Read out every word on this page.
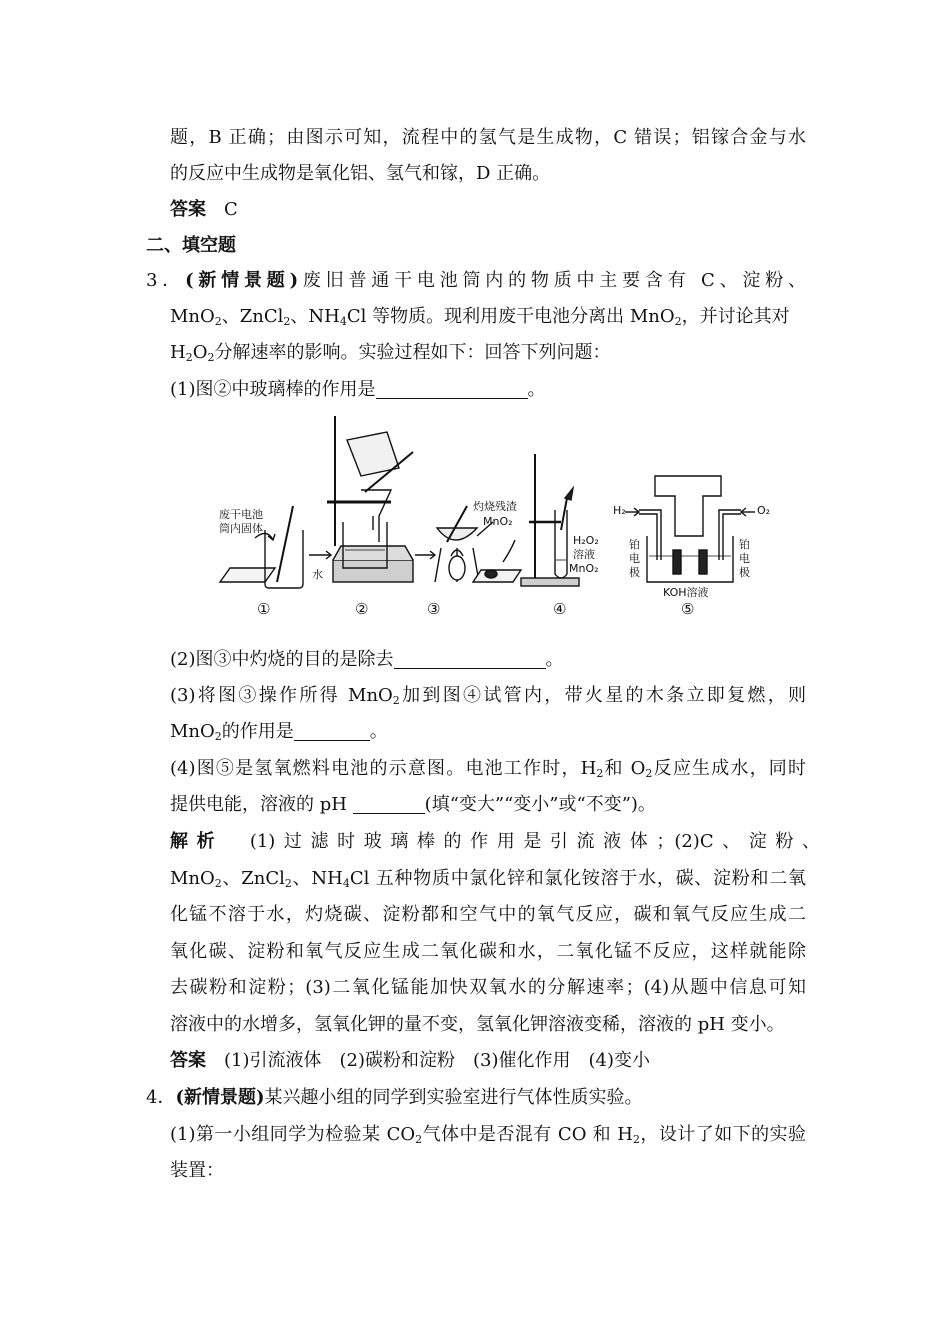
题，B 正确；由图示可知，流程中的氢气是生成物，C 错误；铝镓合金与水
的反应中生成物是氧化铝、氢气和镓，D 正确。
答案　 C
二、填空题
3．(新情景题)废旧普通干电池筒内的物质中主要含有 C、淀粉、
MnO$_2$、ZnCl$_2$、$NH_4Cl$ 等物质。现利用废干电池分离出 MnO$_2$，并讨论其对
$H_2O_2$分解速率的影响。实验过程如下：回答下列问题：
(1)图②中玻璃棒的作用是	。
废干电池
筒内固体
水
灼烧残渣
MnO₂
H₂O₂
溶液
MnO₂
H₂	O₂
铂
电
极
铂
电
极
KOH溶液
①	②	③	④	⑤
(2)图③中灼烧的目的是除去	。
(3)将图③操作所得 MnO$_2$加到图④试管内，带火星的木条立即复燃，则
MnO$_2$的作用是	。
(4)图⑤是氢氧燃料电池的示意图。电池工作时，$H_2$和 $O_2$反应生成水，同时
提供电能，溶液的 pH	(填“变大”“变小”或“不变”)。
解析　 (1)过滤时玻璃棒的作用是引流液体；(2)C、淀粉、
MnO$_2$、ZnCl$_2$、$NH_4Cl$ 五种物质中氯化锌和氯化铵溶于水，碳、淀粉和二氧
化锰不溶于水，灼烧碳、淀粉都和空气中的氧气反应，碳和氧气反应生成二
氧化碳、淀粉和氧气反应生成二氧化碳和水，二氧化锰不反应，这样就能除
去碳粉和淀粉；(3)二氧化锰能加快双氧水的分解速率；(4)从题中信息可知
溶液中的水增多，氢氧化钾的量不变，氢氧化钾溶液变稀，溶液的 pH 变小。
答案　 (1)引流液体　(2)碳粉和淀粉　(3)催化作用　(4)变小
4．(新情景题)某兴趣小组的同学到实验室进行气体性质实验。
(1)第一小组同学为检验某 $CO_2$气体中是否混有 CO 和 $H_2$，设计了如下的实验
装置：
